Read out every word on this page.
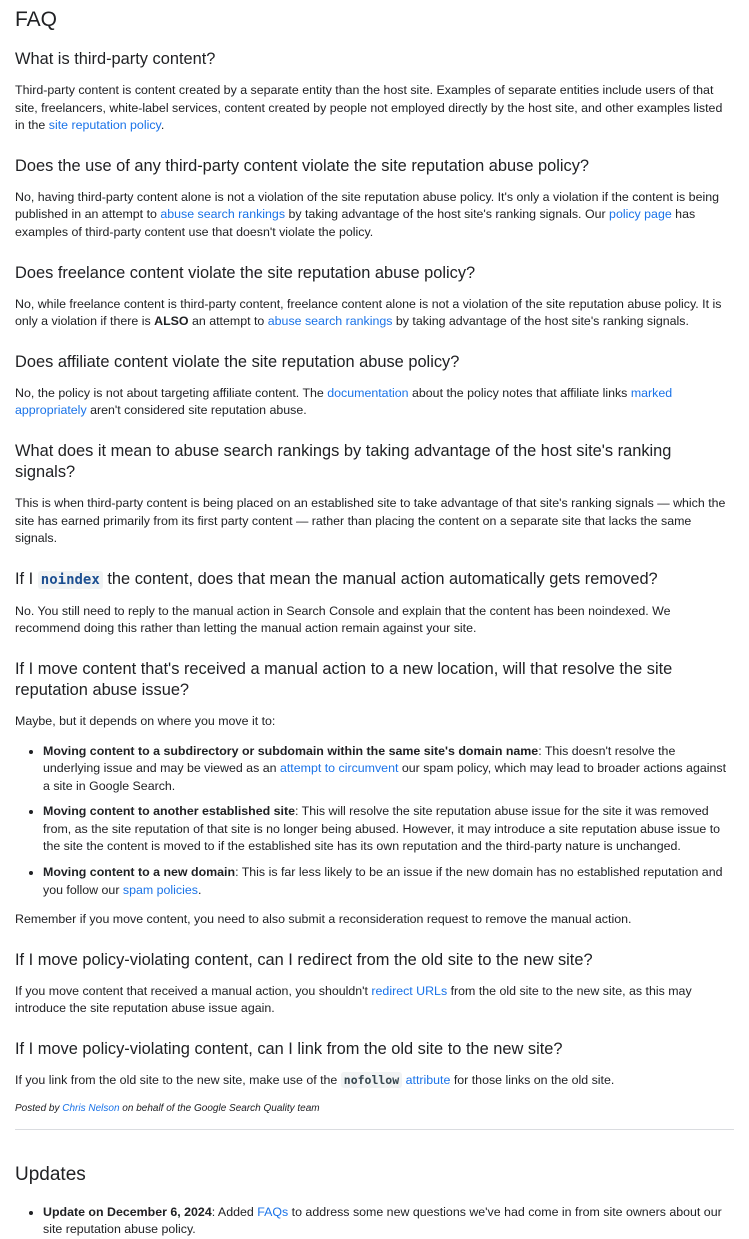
FAQ
What is third-party content?

Third-party content is content created by a separate entity than the host site. Examples of separate entities include users of that site, freelancers, white-label services, content created by people not employed directly by the host site, and other examples listed in the site reputation policy.

Does the use of any third-party content violate the site reputation abuse policy?

No, having third-party content alone is not a violation of the site reputation abuse policy. It's only a violation if the content is being published in an attempt to abuse search rankings by taking advantage of the host site's ranking signals. Our policy page has examples of third-party content use that doesn't violate the policy.

Does freelance content violate the site reputation abuse policy?

No, while freelance content is third-party content, freelance content alone is not a violation of the site reputation abuse policy. It is only a violation if there is ALSO an attempt to abuse search rankings by taking advantage of the host site's ranking signals.

Does affiliate content violate the site reputation abuse policy?

No, the policy is not about targeting affiliate content. The documentation about the policy notes that affiliate links marked appropriately aren't considered site reputation abuse.

What does it mean to abuse search rankings by taking advantage of the host site's ranking signals?

This is when third-party content is being placed on an established site to take advantage of that site's ranking signals — which the site has earned primarily from its first party content — rather than placing the content on a separate site that lacks the same signals.

If I noindex the content, does that mean the manual action automatically gets removed?

No. You still need to reply to the manual action in Search Console and explain that the content has been noindexed. We recommend doing this rather than letting the manual action remain against your site.

If I move content that's received a manual action to a new location, will that resolve the site reputation abuse issue?

Maybe, but it depends on where you move it to:

• Moving content to a subdirectory or subdomain within the same site's domain name: This doesn't resolve the underlying issue and may be viewed as an attempt to circumvent our spam policy, which may lead to broader actions against a site in Google Search.
• Moving content to another established site: This will resolve the site reputation abuse issue for the site it was removed from, as the site reputation of that site is no longer being abused. However, it may introduce a site reputation abuse issue to the site the content is moved to if the established site has its own reputation and the third-party nature is unchanged.
• Moving content to a new domain: This is far less likely to be an issue if the new domain has no established reputation and you follow our spam policies.

Remember if you move content, you need to also submit a reconsideration request to remove the manual action.

If I move policy-violating content, can I redirect from the old site to the new site?

If you move content that received a manual action, you shouldn't redirect URLs from the old site to the new site, as this may introduce the site reputation abuse issue again.

If I move policy-violating content, can I link from the old site to the new site?

If you link from the old site to the new site, make use of the nofollow attribute for those links on the old site.

Posted by Chris Nelson on behalf of the Google Search Quality team

Updates
• Update on December 6, 2024: Added FAQs to address some new questions we've had come in from site owners about our site reputation abuse policy.
